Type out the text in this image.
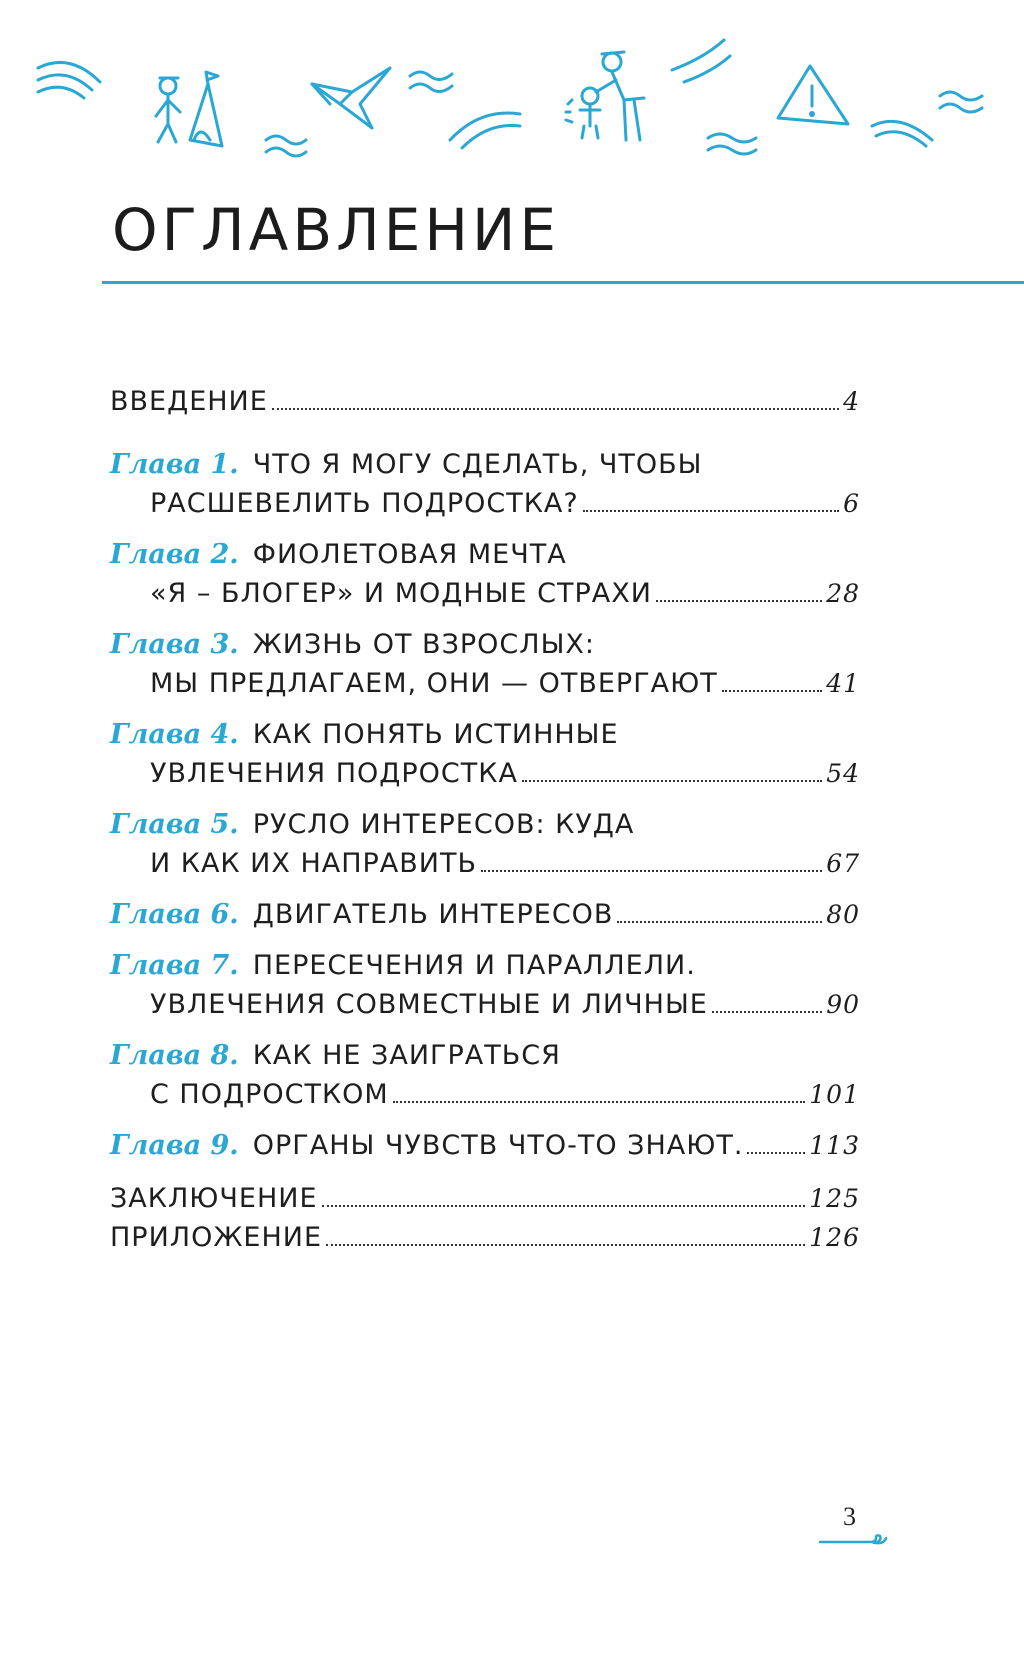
ОГЛАВЛЕНИЕ
ВВЕДЕНИЕ	4
Глава 1. ЧТО Я МОГУ СДЕЛАТЬ, ЧТОБЫ
РАСШЕВЕЛИТЬ ПОДРОСТКА?	6
Глава 2. ФИОЛЕТОВАЯ МЕЧТА
«Я – БЛОГЕР» И МОДНЫЕ СТРАХИ	28
Глава 3. ЖИЗНЬ ОТ ВЗРОСЛЫХ:
МЫ ПРЕДЛАГАЕМ, ОНИ — ОТВЕРГАЮТ	41
Глава 4. КАК ПОНЯТЬ ИСТИННЫЕ
УВЛЕЧЕНИЯ ПОДРОСТКА	54
Глава 5. РУСЛО ИНТЕРЕСОВ: КУДА
И КАК ИХ НАПРАВИТЬ	67
Глава 6. ДВИГАТЕЛЬ ИНТЕРЕСОВ	80
Глава 7. ПЕРЕСЕЧЕНИЯ И ПАРАЛЛЕЛИ.
УВЛЕЧЕНИЯ СОВМЕСТНЫЕ И ЛИЧНЫЕ	90
Глава 8. КАК НЕ ЗАИГРАТЬСЯ
С ПОДРОСТКОМ	101
Глава 9. ОРГАНЫ ЧУВСТВ ЧТО-ТО ЗНАЮТ.	113
ЗАКЛЮЧЕНИЕ	125
ПРИЛОЖЕНИЕ	126
3
